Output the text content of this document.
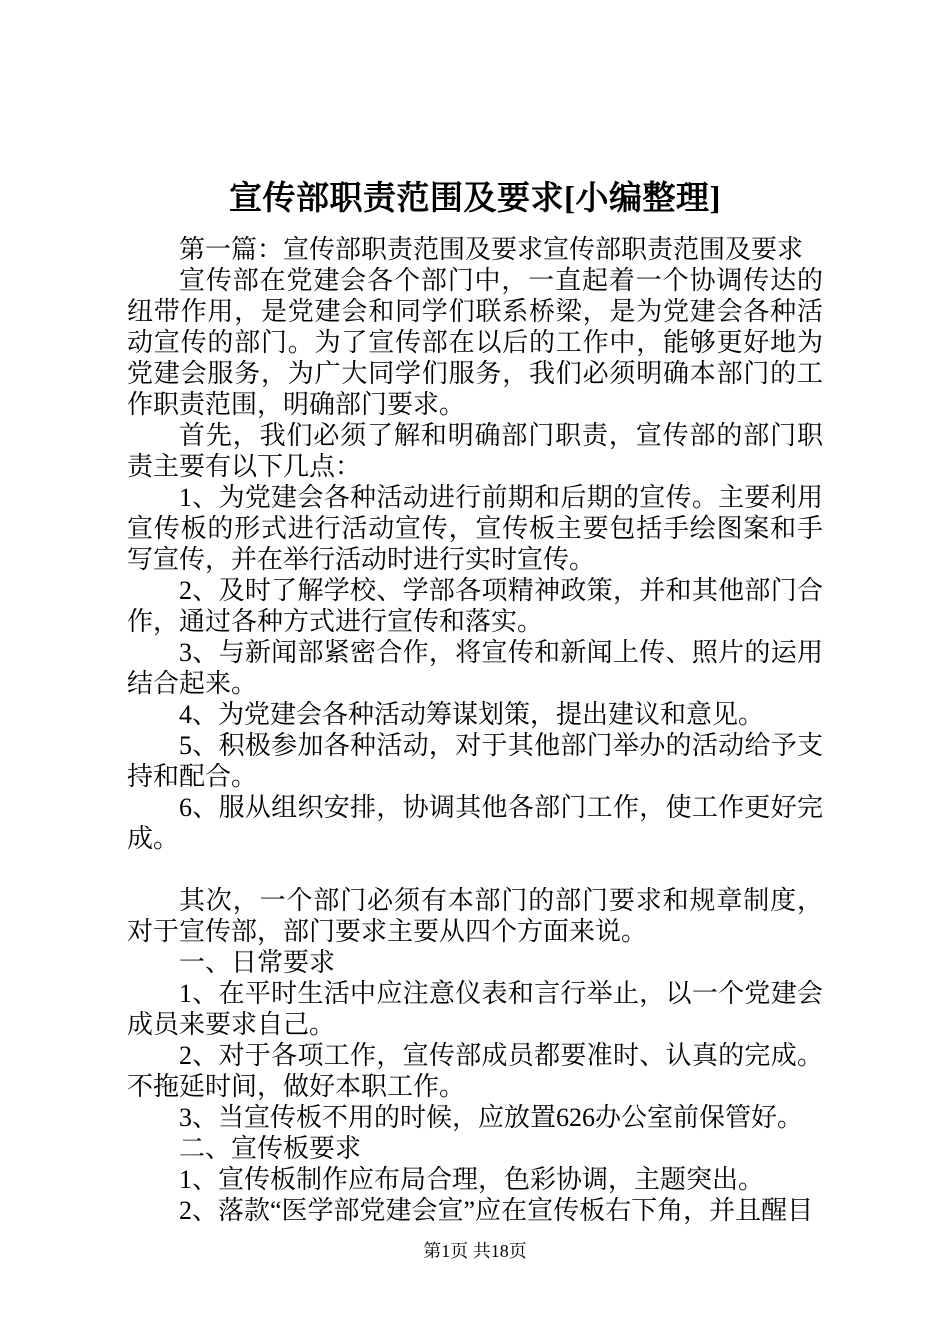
宣传部职责范围及要求[小编整理]

第一篇：宣传部职责范围及要求宣传部职责范围及要求

宣传部在党建会各个部门中，一直起着一个协调传达的纽带作用，是党建会和同学们联系桥梁，是为党建会各种活动宣传的部门。为了宣传部在以后的工作中，能够更好地为党建会服务，为广大同学们服务，我们必须明确本部门的工作职责范围，明确部门要求。

首先，我们必须了解和明确部门职责，宣传部的部门职责主要有以下几点：

1、为党建会各种活动进行前期和后期的宣传。主要利用宣传板的形式进行活动宣传，宣传板主要包括手绘图案和手写宣传，并在举行活动时进行实时宣传。

2、及时了解学校、学部各项精神政策，并和其他部门合作，通过各种方式进行宣传和落实。

3、与新闻部紧密合作，将宣传和新闻上传、照片的运用结合起来。

4、为党建会各种活动筹谋划策，提出建议和意见。

5、积极参加各种活动，对于其他部门举办的活动给予支持和配合。

6、服从组织安排，协调其他各部门工作，使工作更好完成。

其次，一个部门必须有本部门的部门要求和规章制度，对于宣传部，部门要求主要从四个方面来说。

一、日常要求

1、在平时生活中应注意仪表和言行举止，以一个党建会成员来要求自己。

2、对于各项工作，宣传部成员都要准时、认真的完成。不拖延时间，做好本职工作。

3、当宣传板不用的时候，应放置626办公室前保管好。

二、宣传板要求

1、宣传板制作应布局合理，色彩协调，主题突出。

2、落款“医学部党建会宣”应在宣传板右下角，并且醒目

第1页 共18页
